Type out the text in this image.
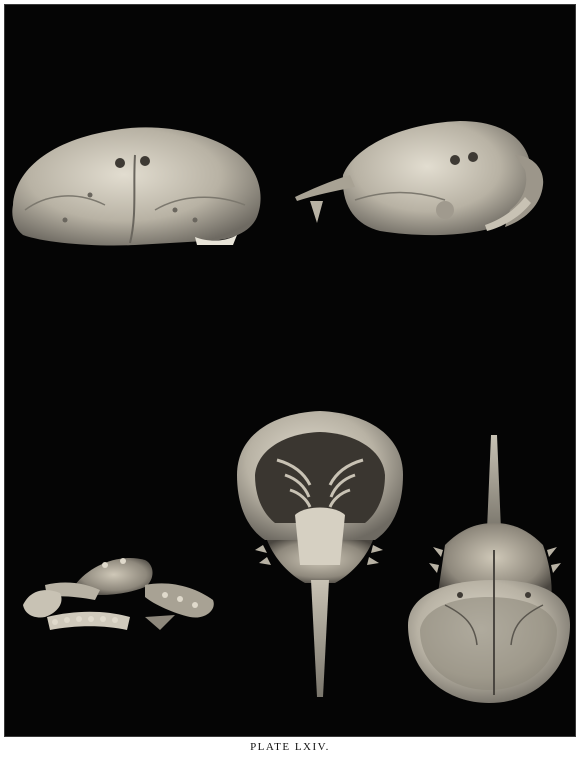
PLATE LXIV.
